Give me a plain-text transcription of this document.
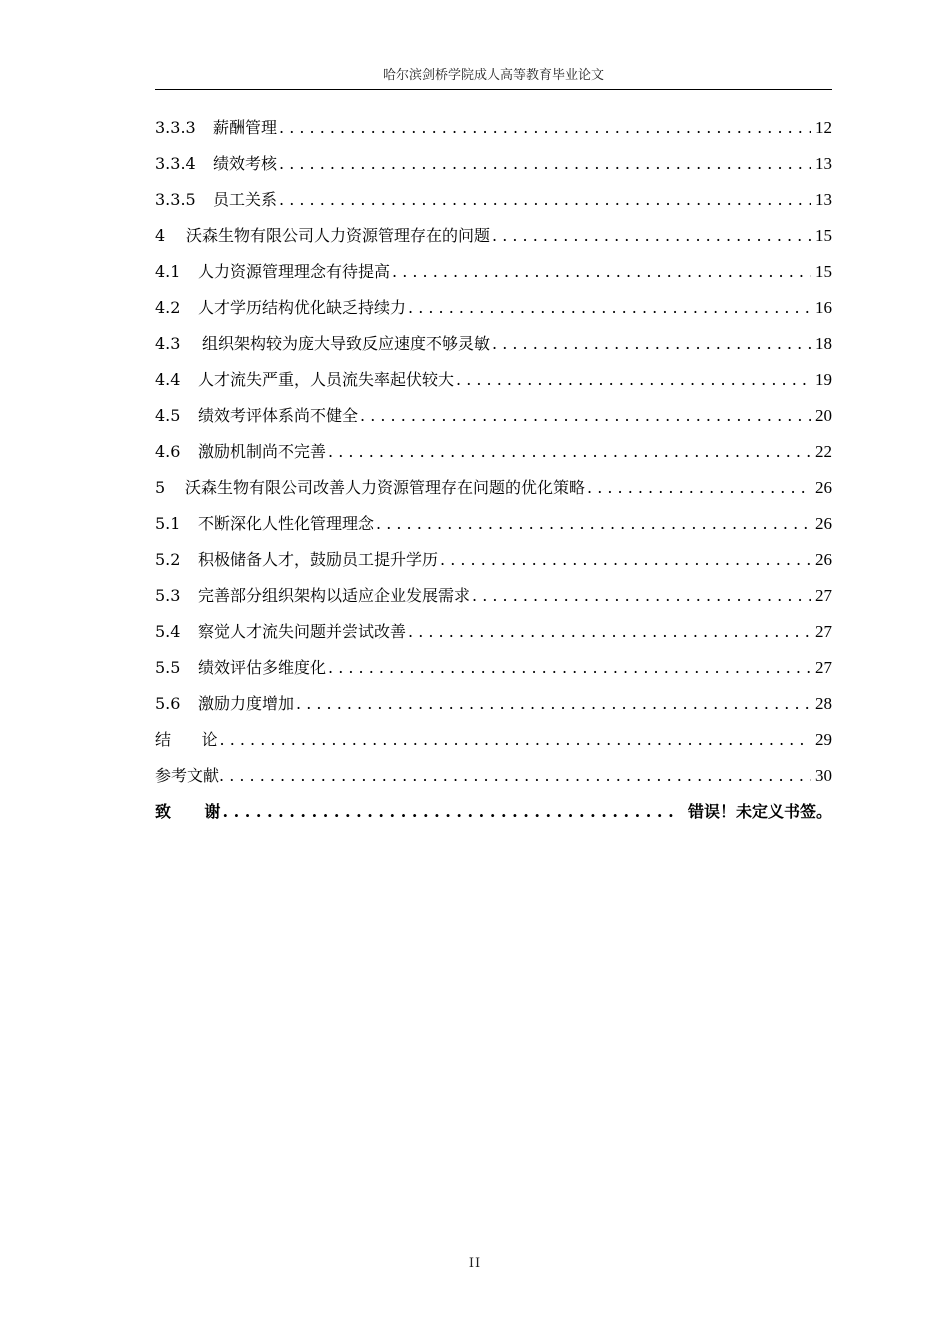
哈尔滨剑桥学院成人高等教育毕业论文
3.3.3	薪酬管理 . . .	12
3.3.4	绩效考核 . . .	13
3.3.5	员工关系 . . .	13
4	沃森生物有限公司人力资源管理存在的问题 . . .	15
4.1	人力资源管理理念有待提高 . . .	15
4.2	人才学历结构优化缺乏持续力 . . .	16
4.3	组织架构较为庞大导致反应速度不够灵敏 . . .	18
4.4	人才流失严重，人员流失率起伏较大 . . .	19
4.5	绩效考评体系尚不健全 . . .	20
4.6	激励机制尚不完善 . . .	22
5	沃森生物有限公司改善人力资源管理存在问题的优化策略 . . .	26
5.1	不断深化人性化管理理念 . . .	26
5.2	积极储备人才，鼓励员工提升学历 . . .	26
5.3	完善部分组织架构以适应企业发展需求 . . .	27
5.4	察觉人才流失问题并尝试改善 . . .	27
5.5	绩效评估多维度化 . . .	27
5.6	激励力度增加 . . .	28
结      论 . . .	29
参考文献 . . .	30
致      谢 . . .	错误！未定义书签。
II
